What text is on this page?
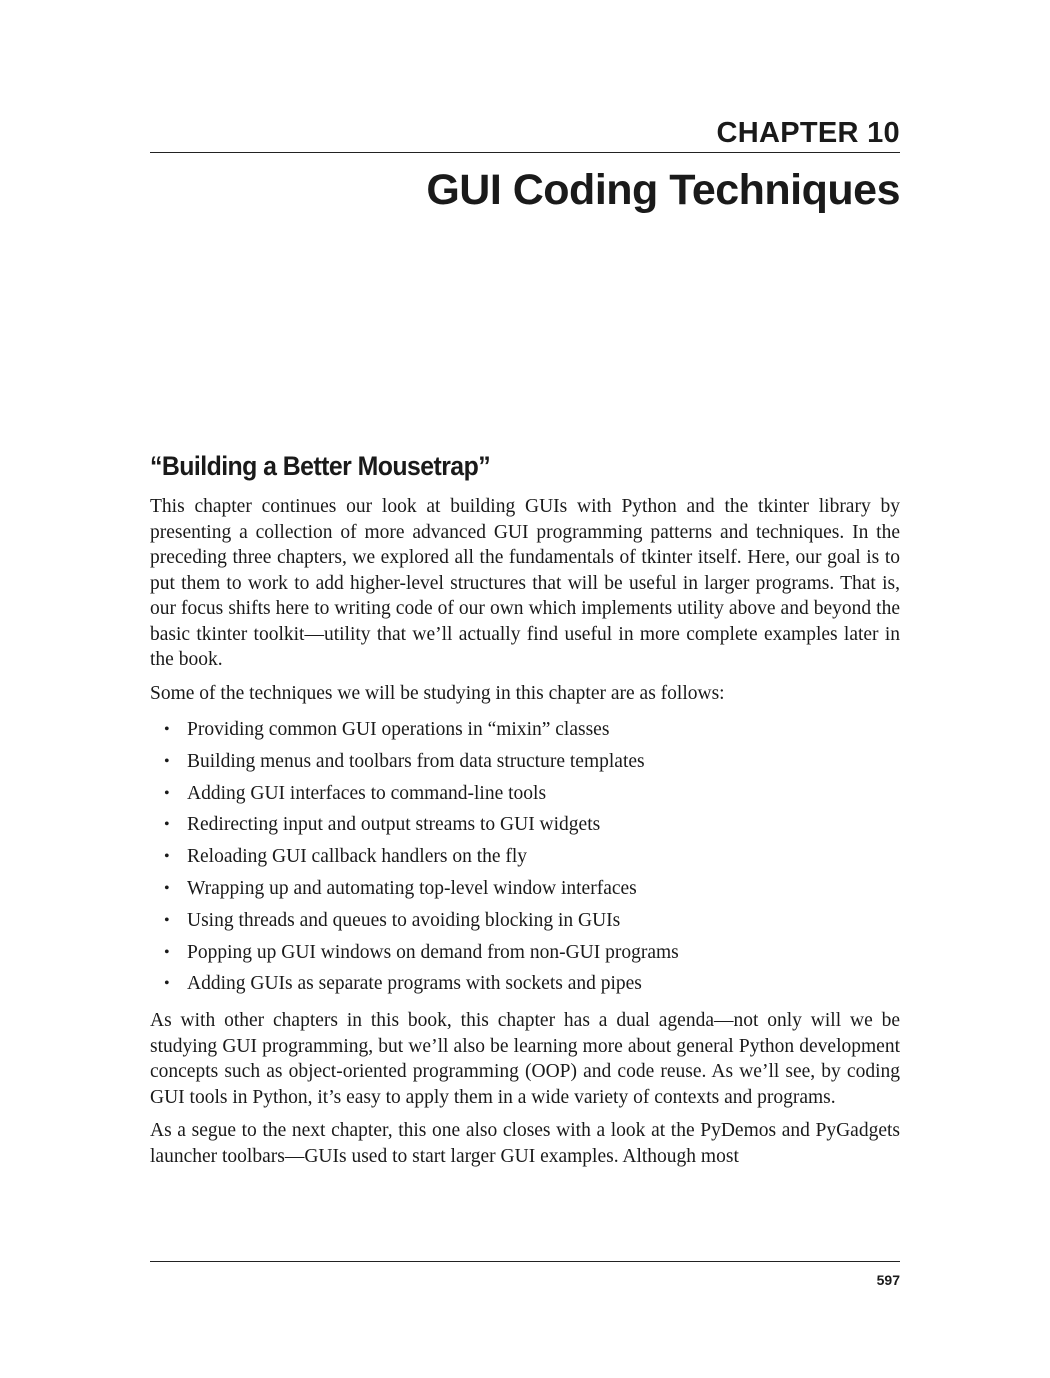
CHAPTER 10
GUI Coding Techniques
“Building a Better Mousetrap”

This chapter continues our look at building GUIs with Python and the tkinter library by presenting a collection of more advanced GUI programming patterns and techniques. In the preceding three chapters, we explored all the fundamentals of tkinter itself. Here, our goal is to put them to work to add higher-level structures that will be useful in larger programs. That is, our focus shifts here to writing code of our own which implements utility above and beyond the basic tkinter toolkit—utility that we’ll actually find useful in more complete examples later in the book.

Some of the techniques we will be studying in this chapter are as follows:

• Providing common GUI operations in “mixin” classes
• Building menus and toolbars from data structure templates
• Adding GUI interfaces to command-line tools
• Redirecting input and output streams to GUI widgets
• Reloading GUI callback handlers on the fly
• Wrapping up and automating top-level window interfaces
• Using threads and queues to avoiding blocking in GUIs
• Popping up GUI windows on demand from non-GUI programs
• Adding GUIs as separate programs with sockets and pipes

As with other chapters in this book, this chapter has a dual agenda—not only will we be studying GUI programming, but we’ll also be learning more about general Python development concepts such as object-oriented programming (OOP) and code reuse. As we’ll see, by coding GUI tools in Python, it’s easy to apply them in a wide variety of contexts and programs.

As a segue to the next chapter, this one also closes with a look at the PyDemos and PyGadgets launcher toolbars—GUIs used to start larger GUI examples. Although most

597
